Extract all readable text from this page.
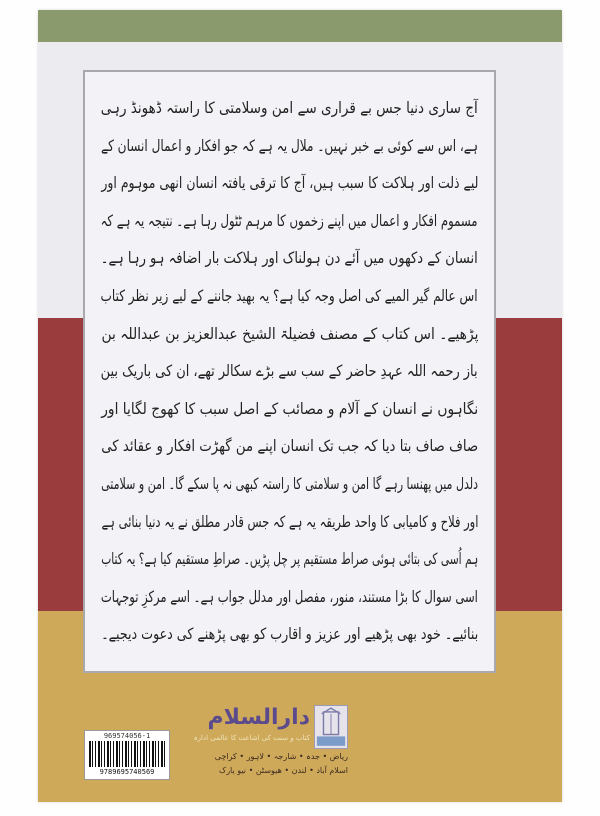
آج ساری دنیا جس بے قراری سے امن وسلامتی کا راستہ ڈھونڈ رہی
ہے، اس سے کوئی بے خبر نہیں۔ ملال یہ ہے کہ جو افکار و اعمال انسان کے
لیے ذلت اور ہلاکت کا سبب ہیں، آج کا ترقی یافتہ انسان انھی موہوم اور
مسموم افکار و اعمال میں اپنے زخموں کا مرہم ٹٹول رہا ہے۔ نتیجہ یہ ہے کہ
انسان کے دکھوں میں آئے دن ہولناک اور ہلاکت بار اضافہ ہو رہا ہے۔
اس عالم گیر المیے کی اصل وجہ کیا ہے؟ یہ بھید جاننے کے لیے زیر نظر کتاب
پڑھیے۔ اس کتاب کے مصنف فضیلۃ الشیخ عبدالعزیز بن عبداللہ بن
باز رحمہ اللہ عہدِ حاضر کے سب سے بڑے سکالر تھے، ان کی باریک بین
نگاہوں نے انسان کے آلام و مصائب کے اصل سبب کا کھوج لگایا اور
صاف صاف بتا دیا کہ جب تک انسان اپنے من گھڑت افکار و عقائد کی
دلدل میں پھنسا رہے گا امن و سلامتی کا راستہ کبھی نہ پا سکے گا۔ امن و سلامتی
اور فلاح و کامیابی کا واحد طریقہ یہ ہے کہ جس قادر مطلق نے یہ دنیا بنائی ہے
ہم اُسی کی بتائی ہوئی صراط مستقیم پر چل پڑیں۔ صراطِ مستقیم کیا ہے؟ یہ کتاب
اسی سوال کا بڑا مستند، منور، مفصل اور مدلل جواب ہے۔ اسے مرکزِ توجہات
بنائیے۔ خود بھی پڑھیے اور عزیز و اقارب کو بھی پڑھنے کی دعوت دیجیے۔
دارالسلام
کتاب و سنت کی اشاعت کا عالمی ادارہ
ریاض • جدہ • شارجہ • لاہور • کراچی
اسلام آباد • لندن • هیوسٹن • نیو یارک
969574056-1
9789695740569
